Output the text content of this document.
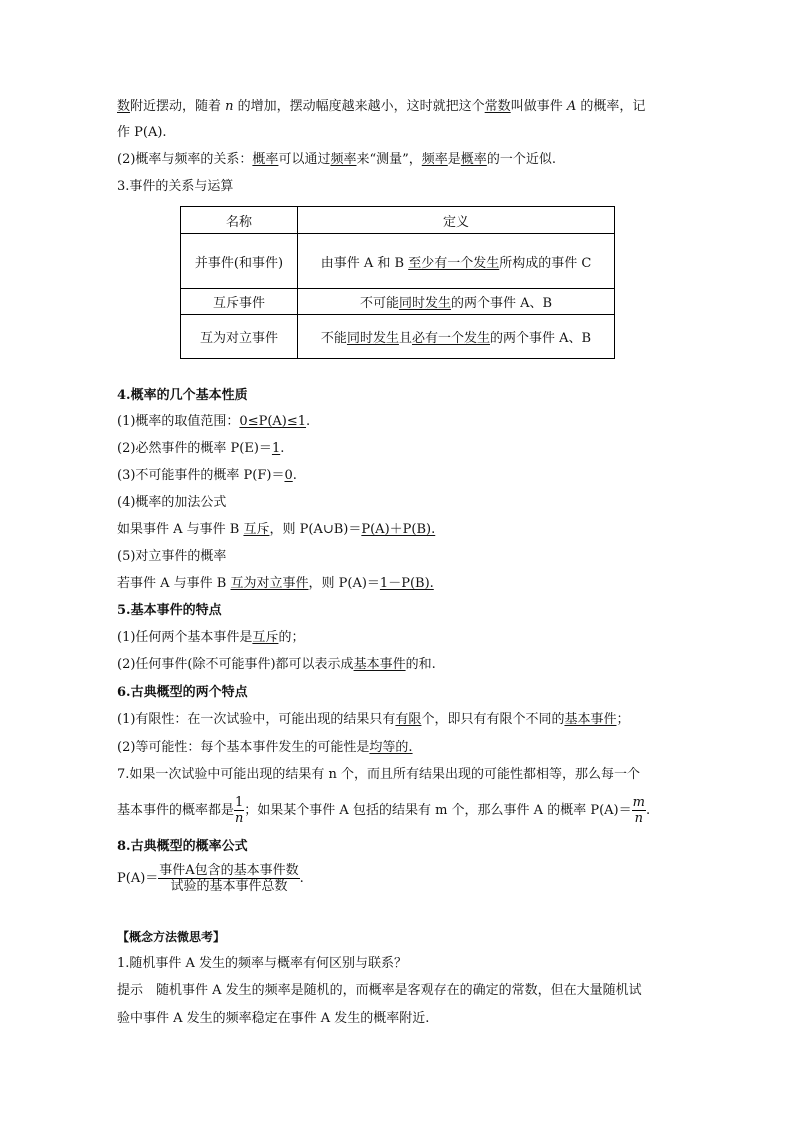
数附近摆动，随着 n 的增加，摆动幅度越来越小，这时就把这个常数叫做事件 A 的概率，记
作 P(A).
(2)概率与频率的关系：概率可以通过频率来“测量”，频率是概率的一个近似.
3.事件的关系与运算
名称	定义
并事件(和事件)	由事件 A 和 B 至少有一个发生所构成的事件 C
互斥事件	不可能同时发生的两个事件 A、B
互为对立事件	不能同时发生且必有一个发生的两个事件 A、B
4.概率的几个基本性质
(1)概率的取值范围：0≤P(A)≤1.
(2)必然事件的概率 P(E)＝1.
(3)不可能事件的概率 P(F)＝0.
(4)概率的加法公式
如果事件 A 与事件 B 互斥，则 P(A∪B)＝P(A)＋P(B).
(5)对立事件的概率
若事件 A 与事件 B 互为对立事件，则 P(A)＝1－P(B).
5.基本事件的特点
(1)任何两个基本事件是互斥的；
(2)任何事件(除不可能事件)都可以表示成基本事件的和.
6.古典概型的两个特点
(1)有限性：在一次试验中，可能出现的结果只有有限个，即只有有限个不同的基本事件；
(2)等可能性：每个基本事件发生的可能性是均等的.
7.如果一次试验中可能出现的结果有 n 个，而且所有结果出现的可能性都相等，那么每一个
基本事件的概率都是 $\frac{1}{n}$ ；如果某个事件 A 包括的结果有 m 个，那么事件 A 的概率 $P(A)= \frac{m}{n}$ .
8.古典概型的概率公式
$P(A)= \frac{\text{事件A包含的基本事件数}}{\text{试验的基本事件总数}}$ .
【概念方法微思考】
1.随机事件 A 发生的频率与概率有何区别与联系？
提示　随机事件 A 发生的频率是随机的，而概率是客观存在的确定的常数，但在大量随机试
验中事件 A 发生的频率稳定在事件 A 发生的概率附近.
